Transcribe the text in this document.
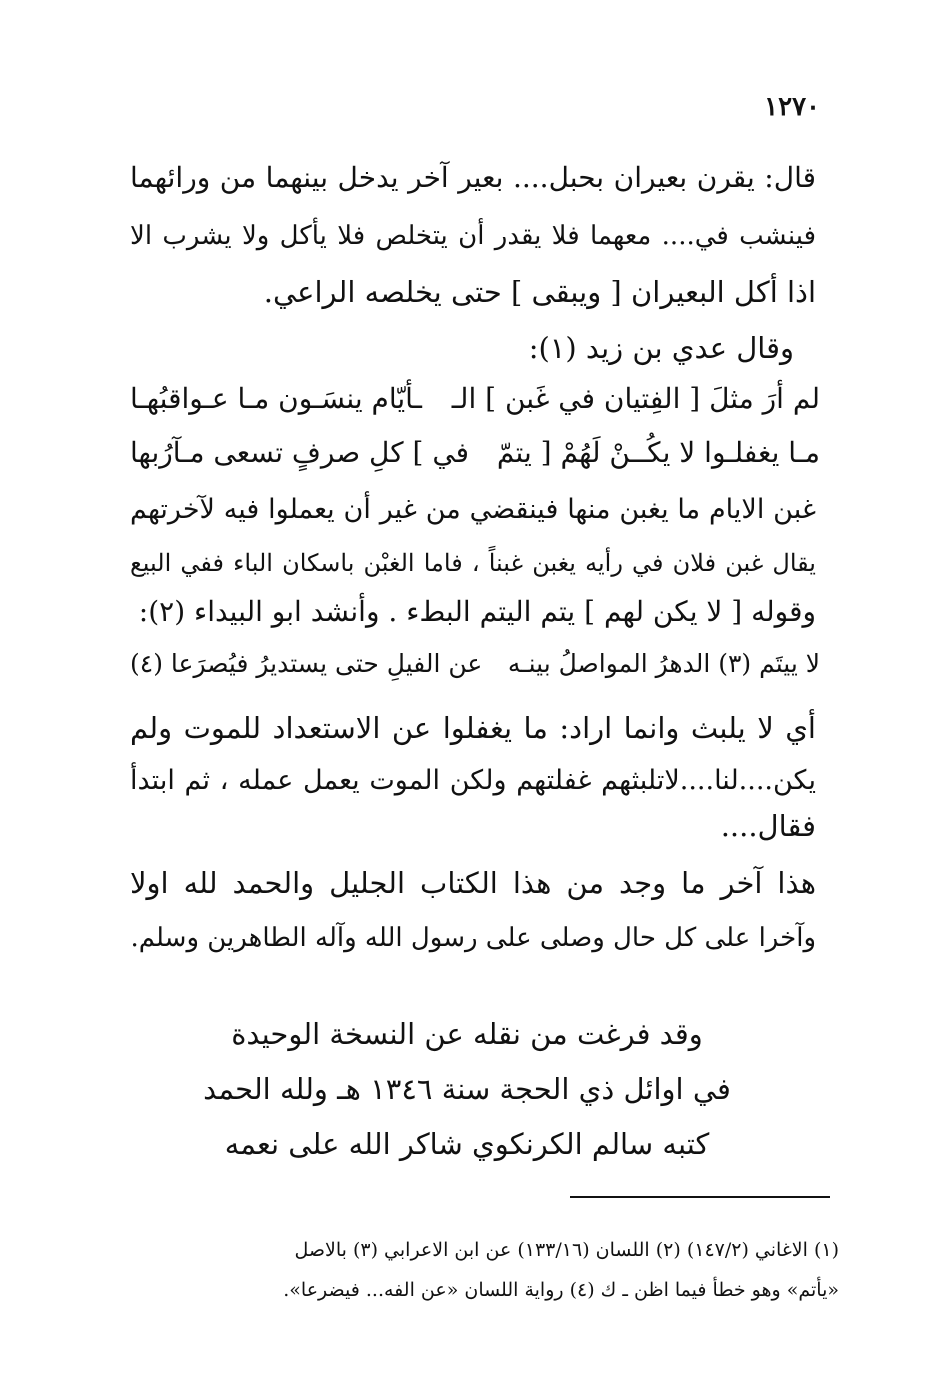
١٢٧٠
قال: يقرن بعيران بحبل.... بعير آخر يدخل بينهما من ورائهما
فينشب في.... معهما فلا يقدر أن يتخلص فلا يأكل ولا يشرب الا
اذا أكل البعيران [ ويبقى ] حتى يخلصه الراعي.
وقال عدي بن زيد (١):
لم أرَ مثلَ [ الفِتيان في غَبن ] الـ
ـأيّام ينسَـون مـا عـواقبُهـا
مـا يغفلـوا لا يكُــنْ لَهُمْ [ يتمّ
في ] كلِ صرفٍ تسعى مـآرُبها
غبن الايام ما يغبن منها فينقضي من غير أن يعملوا فيه لآخرتهم
يقال غبن فلان في رأيه يغبن غبناً ، فاما الغبْن باسكان الباء ففي البيع
وقوله [ لا يكن لهم ] يتم اليتم البطء . وأنشد ابو البيداء (٢):
لا ييتَم (٣) الدهرُ المواصلُ بينـه
عن الفيلِ حتى يستديرُ فيُصرَعا (٤)
أي لا يلبث وانما اراد: ما يغفلوا عن الاستعداد للموت ولم
يكن....لنا....لاتلبثهم غفلتهم ولكن الموت يعمل عمله ، ثم ابتدأ
فقال....
هذا آخر ما وجد من هذا الكتاب الجليل والحمد لله اولا
وآخرا على كل حال وصلى على رسول الله وآله الطاهرين وسلم.
وقد فرغت من نقله عن النسخة الوحيدة
في اوائل ذي الحجة سنة ١٣٤٦ هـ ولله الحمد
كتبه سالم الكرنكوي شاكر الله على نعمه
(١) الاغاني (١٤٧/٢) (٢) اللسان (١٣٣/١٦) عن ابن الاعرابي (٣) بالاصل
«يأتم» وهو خطأ فيما اظن ـ ك (٤) رواية اللسان «عن الفه... فيضرعا».
